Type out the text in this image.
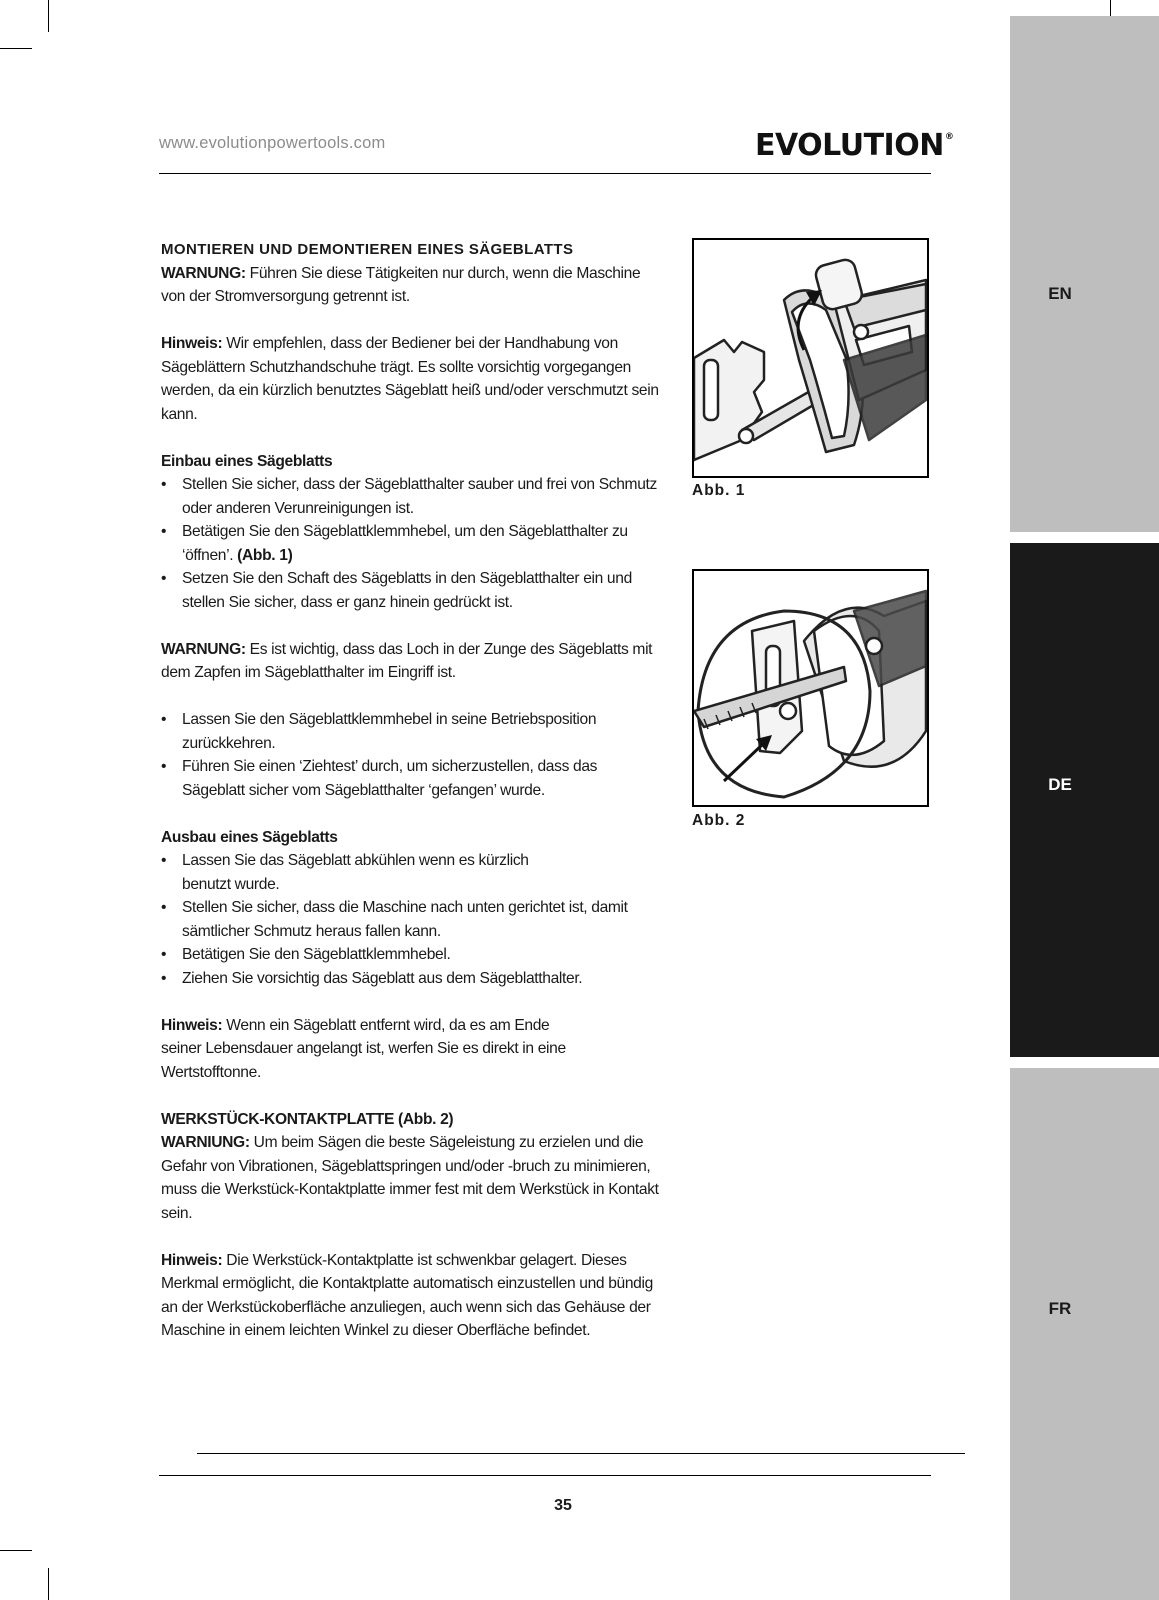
www.evolutionpowertools.com	EVOLUTION®
EN
DE
FR

MONTIEREN UND DEMONTIEREN EINES SÄGEBLATTS

WARNUNG: Führen Sie diese Tätigkeiten nur durch, wenn die Maschine von der Stromversorgung getrennt ist.

Hinweis: Wir empfehlen, dass der Bediener bei der Handhabung von Sägeblättern Schutzhandschuhe trägt. Es sollte vorsichtig vorgegangen werden, da ein kürzlich benutztes Sägeblatt heiß und/oder verschmutzt sein kann.

Einbau eines Sägeblatts

• Stellen Sie sicher, dass der Sägeblatthalter sauber und frei von Schmutz oder anderen Verunreinigungen ist.
• Betätigen Sie den Sägeblattklemmhebel, um den Sägeblatthalter zu ‘öffnen’. (Abb. 1)
• Setzen Sie den Schaft des Sägeblatts in den Sägeblatthalter ein und stellen Sie sicher, dass er ganz hinein gedrückt ist.

WARNUNG: Es ist wichtig, dass das Loch in der Zunge des Sägeblatts mit dem Zapfen im Sägeblatthalter im Eingriff ist.

• Lassen Sie den Sägeblattklemmhebel in seine Betriebsposition zurückkehren.
• Führen Sie einen ‘Ziehtest’ durch, um sicherzustellen, dass das Sägeblatt sicher vom Sägeblatthalter ‘gefangen’ wurde.

Ausbau eines Sägeblatts

• Lassen Sie das Sägeblatt abkühlen wenn es kürzlich benutzt wurde.
• Stellen Sie sicher, dass die Maschine nach unten gerichtet ist, damit sämtlicher Schmutz heraus fallen kann.
• Betätigen Sie den Sägeblattklemmhebel.
• Ziehen Sie vorsichtig das Sägeblatt aus dem Sägeblatthalter.

Hinweis: Wenn ein Sägeblatt entfernt wird, da es am Ende seiner Lebensdauer angelangt ist, werfen Sie es direkt in eine Wertstofftonne.

WERKSTÜCK-KONTAKTPLATTE (Abb. 2)

WARNIUNG: Um beim Sägen die beste Sägeleistung zu erzielen und die Gefahr von Vibrationen, Sägeblattspringen und/oder -bruch zu minimieren, muss die Werkstück-Kontaktplatte immer fest mit dem Werkstück in Kontakt sein.

Hinweis: Die Werkstück-Kontaktplatte ist schwenkbar gelagert. Dieses Merkmal ermöglicht, die Kontaktplatte automatisch einzustellen und bündig an der Werkstückoberfläche anzuliegen, auch wenn sich das Gehäuse der Maschine in einem leichten Winkel zu dieser Oberfläche befindet.

Abb. 1
Abb. 2
35
